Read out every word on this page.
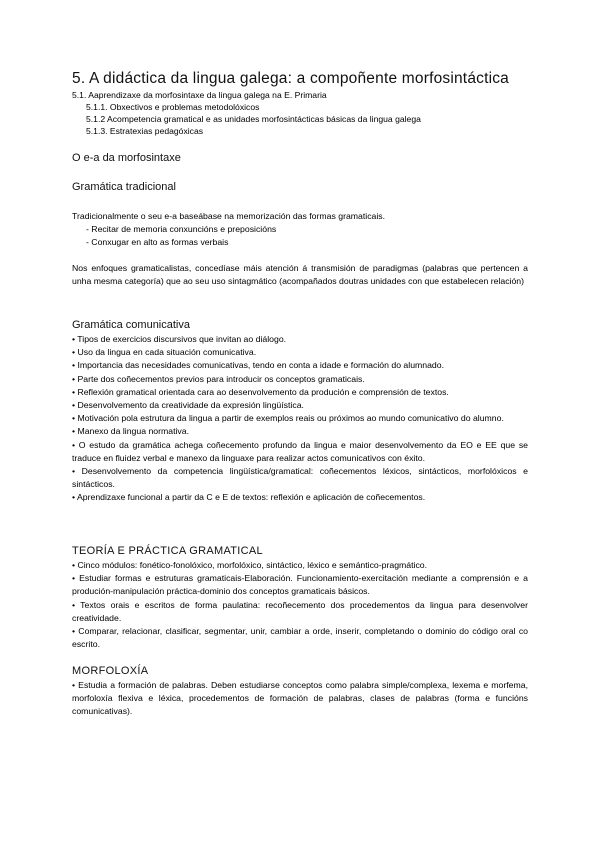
5. A didáctica da lingua galega: a compoñente morfosintáctica
5.1. Aaprendizaxe da morfosintaxe da lingua galega na E. Primaria
5.1.1. Obxectivos e problemas metodolóxicos
5.1.2 Acompetencia gramatical e as unidades morfosintácticas básicas da lingua galega
5.1.3. Estratexias pedagóxicas
O e-a da morfosintaxe
Gramática tradicional
Tradicionalmente o seu e-a baseábase na memorización das formas gramaticais.
- Recitar de memoria conxuncións e preposicións
- Conxugar en alto as formas verbais
Nos enfoques gramaticalistas, concedíase máis atención á transmisión de paradigmas (palabras que pertencen a unha mesma categoría) que ao seu uso sintagmático (acompañados doutras unidades con que estabelecen relación)
Gramática comunicativa
• Tipos de exercicios discursivos que invitan ao diálogo.
• Uso da lingua en cada situación comunicativa.
• Importancia das necesidades comunicativas, tendo en conta a idade e formación do alumnado.
• Parte dos coñecementos previos para introducir os conceptos gramaticais.
• Reflexión gramatical orientada cara ao desenvolvemento da produción e comprensión de textos.
• Desenvolvemento da creatividade da expresión lingüística.
• Motivación pola estrutura da lingua a partir de exemplos reais ou próximos ao mundo comunicativo do alumno.
• Manexo da lingua normativa.
• O estudo da gramática achega coñecemento profundo da lingua e maior desenvolvemento da EO e EE que se traduce en fluidez verbal e manexo da linguaxe para realizar actos comunicativos con éxito.
• Desenvolvemento da competencia lingüística/gramatical: coñecementos léxicos, sintácticos, morfolóxicos e sintácticos.
• Aprendizaxe funcional a partir da C e E de textos: reflexión e aplicación de coñecementos.
TEORÍA E PRÁCTICA GRAMATICAL
• Cinco módulos: fonético-fonolóxico, morfolóxico, sintáctico, léxico e semántico-pragmático.
• Estudiar formas e estruturas gramaticais-Elaboración. Funcionamiento-exercitación mediante a comprensión e a produción-manipulación práctica-dominio dos conceptos gramaticais básicos.
• Textos orais e escritos de forma paulatina: recoñecemento dos procedementos da lingua para desenvolver creatividade.
• Comparar, relacionar, clasificar, segmentar, unir, cambiar a orde, inserir, completando o dominio do código oral co escrito.
MORFOLOXÍA
• Estudia a formación de palabras. Deben estudiarse conceptos como palabra simple/complexa, lexema e morfema, morfoloxía flexiva e léxica, procedementos de formación de palabras, clases de palabras (forma e funcións comunicativas).
